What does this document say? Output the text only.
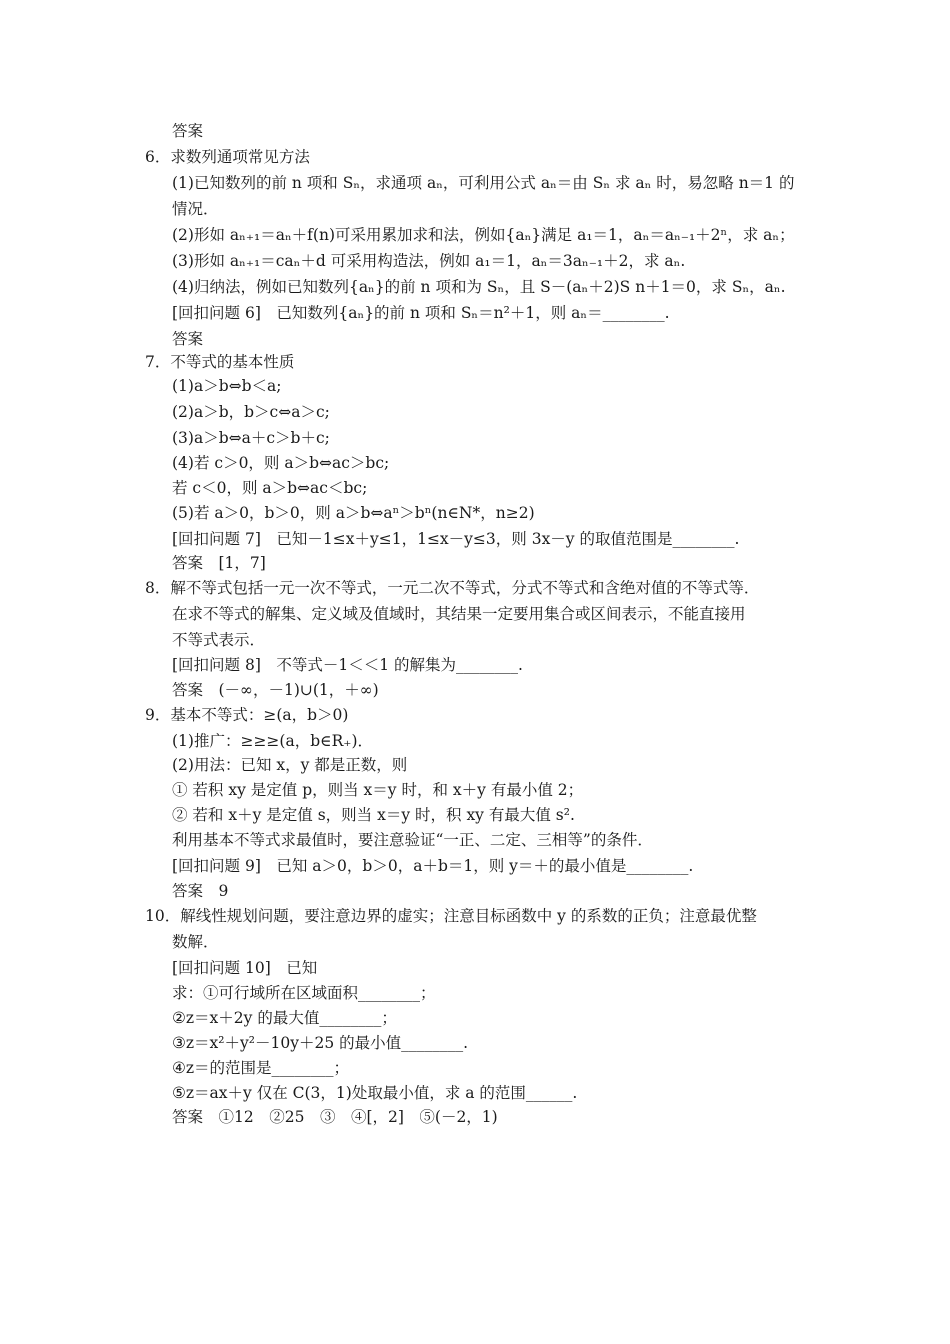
答案
6．求数列通项常见方法
(1)已知数列的前 n 项和 Sₙ，求通项 aₙ，可利用公式 aₙ＝由 Sₙ 求 aₙ 时，易忽略 n＝1 的
情况．
(2)形如 aₙ₊₁＝aₙ＋f(n)可采用累加求和法，例如{aₙ}满足 a₁＝1，aₙ＝aₙ₋₁＋2ⁿ，求 aₙ；
(3)形如 aₙ₊₁＝caₙ＋d 可采用构造法，例如 a₁＝1，aₙ＝3aₙ₋₁＋2，求 aₙ.
(4)归纳法，例如已知数列{aₙ}的前 n 项和为 Sₙ，且 S－(aₙ＋2)S n＋1＝0，求 Sₙ，aₙ.
[回扣问题 6]　已知数列{aₙ}的前 n 项和 Sₙ＝n²＋1，则 aₙ＝________.
答案
7．不等式的基本性质
(1)a＞b⇔b＜a;
(2)a＞b，b＞c⇔a＞c;
(3)a＞b⇔a＋c＞b＋c;
(4)若 c＞0，则 a＞b⇔ac＞bc;
若 c＜0，则 a＞b⇔ac＜bc;
(5)若 a＞0，b＞0，则 a＞b⇔aⁿ＞bⁿ(n∈N*，n≥2)
[回扣问题 7]　已知－1≤x＋y≤1，1≤x－y≤3，则 3x－y 的取值范围是________.
答案　[1，7]
8．解不等式包括一元一次不等式，一元二次不等式，分式不等式和含绝对值的不等式等．
在求不等式的解集、定义域及值域时，其结果一定要用集合或区间表示，不能直接用
不等式表示．
[回扣问题 8]　不等式－1＜＜1 的解集为________.
答案　(－∞，－1)∪(1，＋∞)
9．基本不等式：≥(a，b＞0)
(1)推广：≥≥≥(a，b∈R₊)．
(2)用法：已知 x，y 都是正数，则
① 若积 xy 是定值 p，则当 x＝y 时，和 x＋y 有最小值 2；
② 若和 x＋y 是定值 s，则当 x＝y 时，积 xy 有最大值 s².
利用基本不等式求最值时，要注意验证“一正、二定、三相等”的条件．
[回扣问题 9]　已知 a＞0，b＞0，a＋b＝1，则 y＝＋的最小值是________.
答案　9
10．解线性规划问题，要注意边界的虚实；注意目标函数中 y 的系数的正负；注意最优整
数解．
[回扣问题 10]　已知
求：①可行域所在区域面积________；
②z＝x＋2y 的最大值________；
③z＝x²＋y²－10y＋25 的最小值________.
④z＝的范围是________；
⑤z＝ax＋y 仅在 C(3，1)处取最小值，求 a 的范围______.
答案　①12　②25　③　④[，2]　⑤(－2，1)
